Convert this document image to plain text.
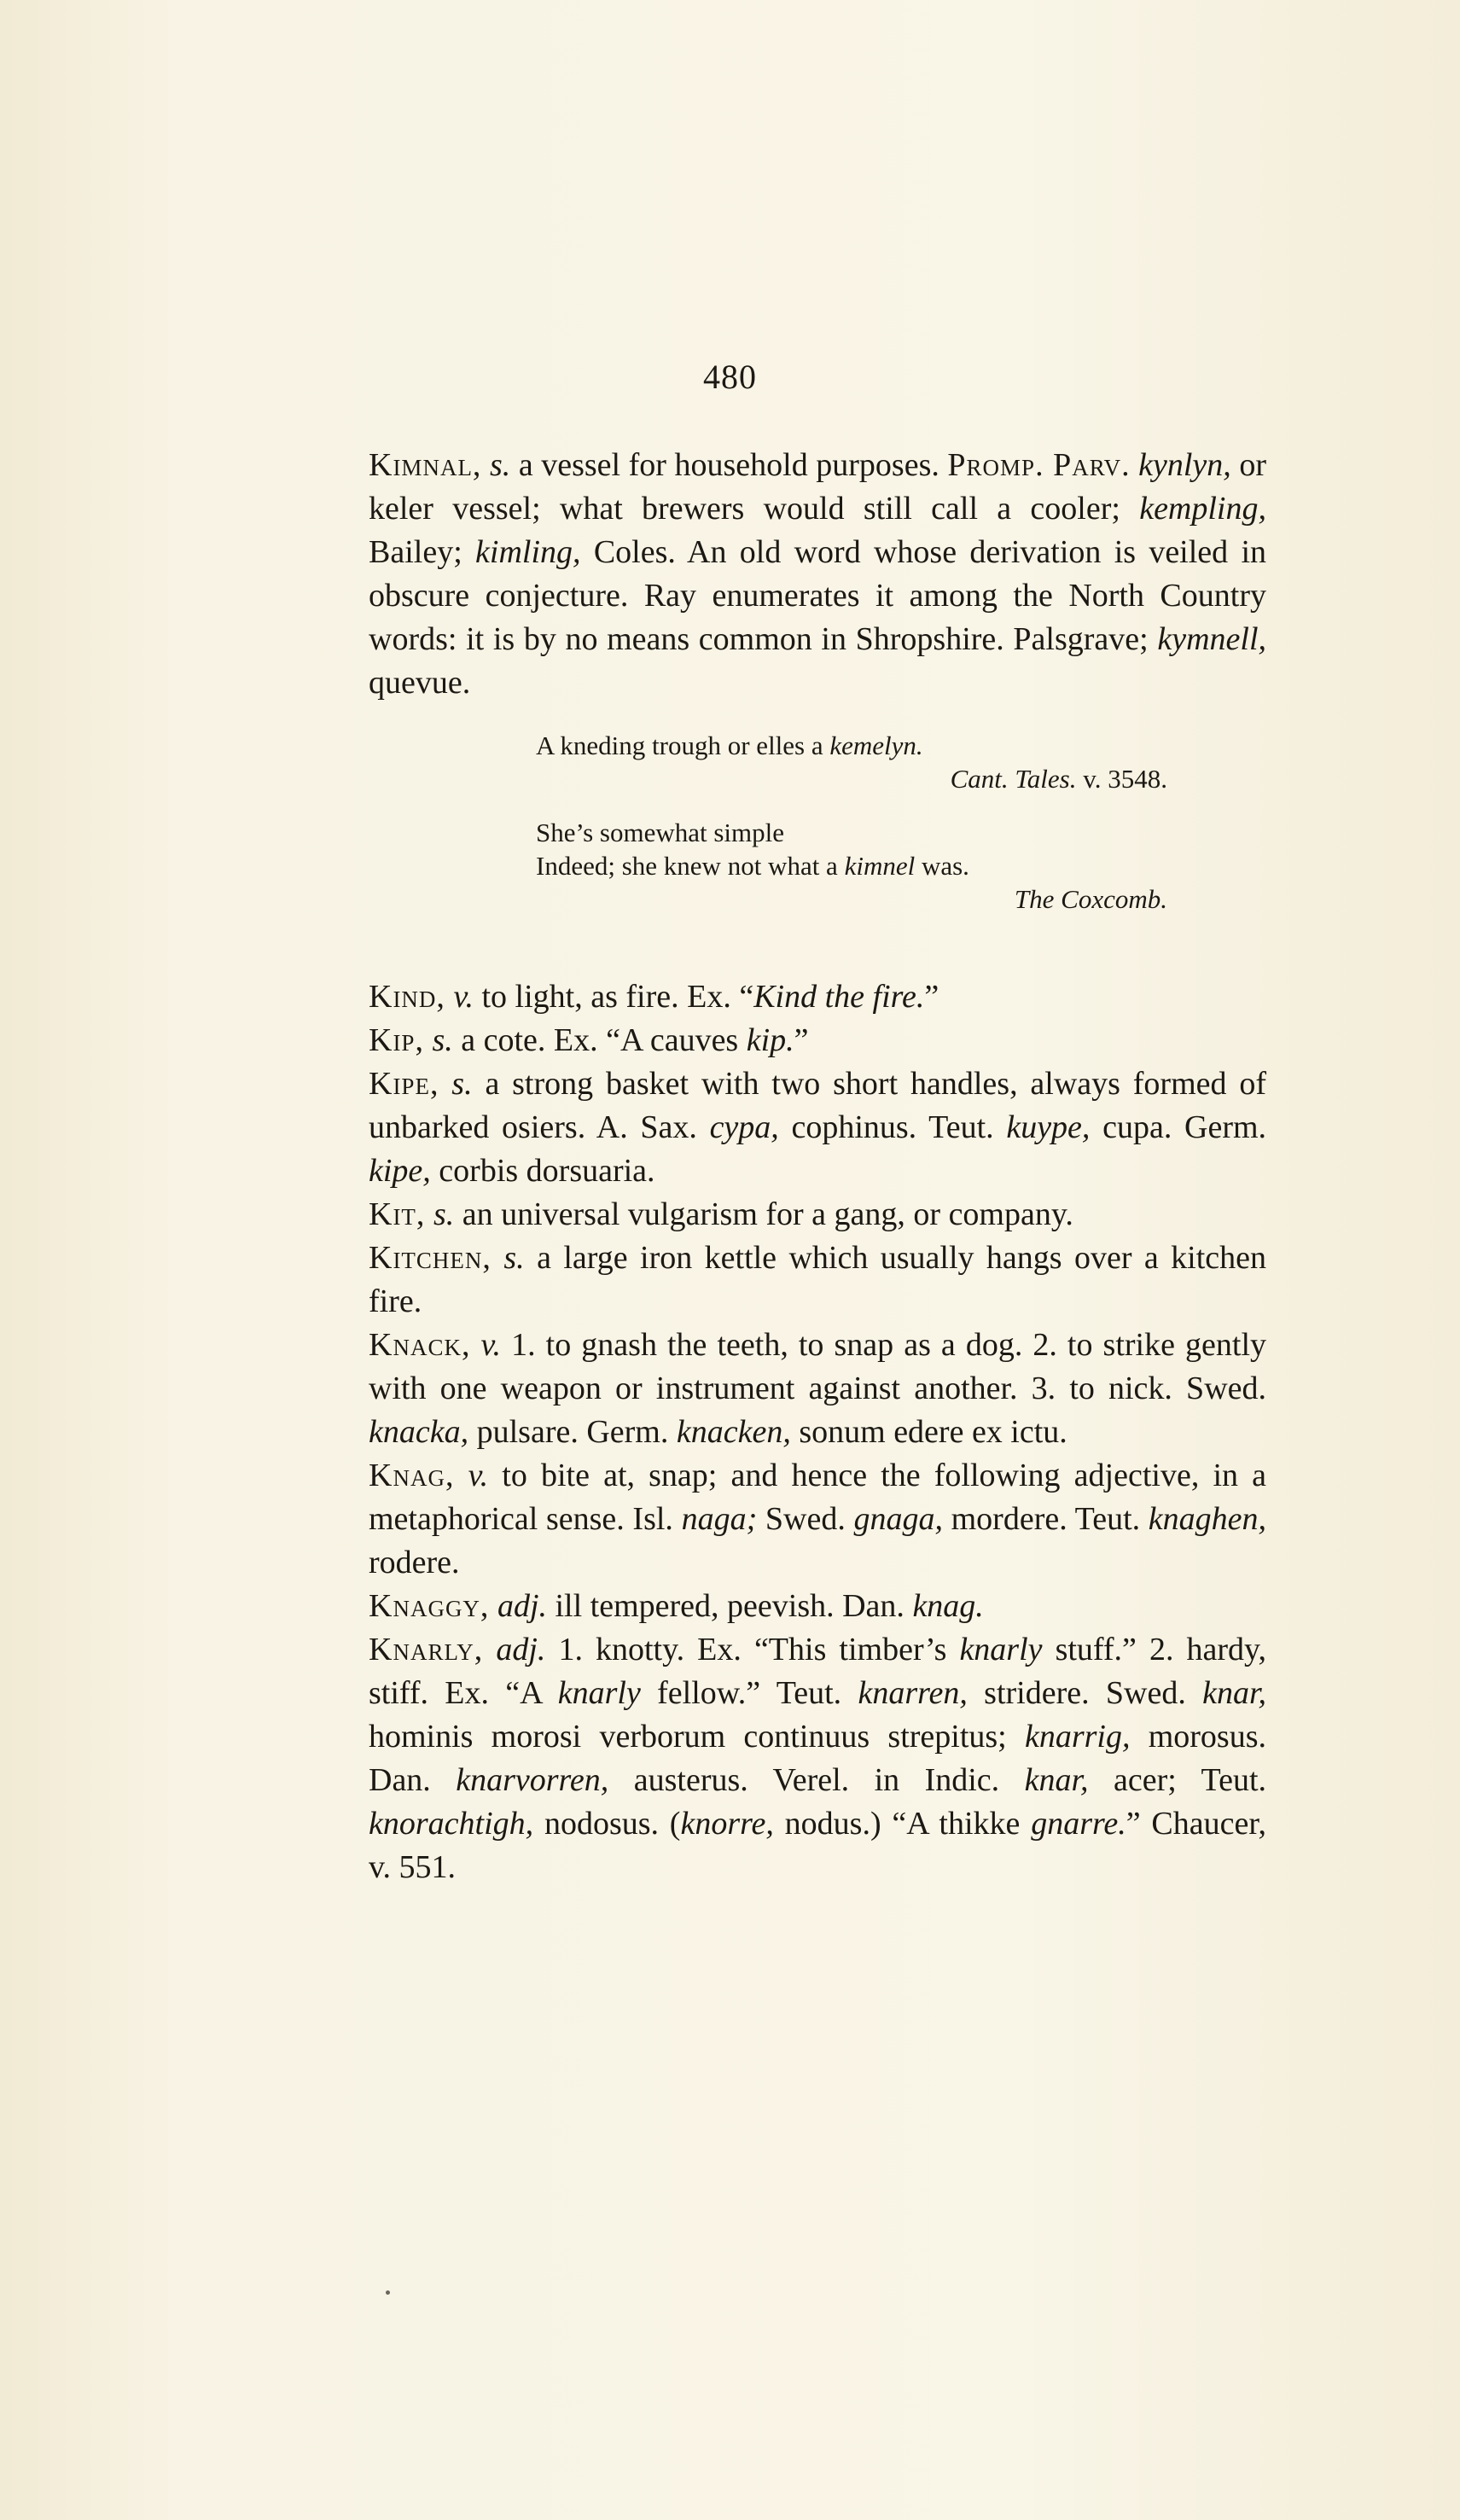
480

Kimnal, s. a vessel for household purposes. Promp. Parv. kynlyn, or keler vessel; what brewers would still call a cooler; kempling, Bailey; kimling, Coles. An old word whose derivation is veiled in obscure conjecture. Ray enumerates it among the North Country words: it is by no means common in Shropshire. Palsgrave; kymnell, quevue.

A kneding trough or elles a kemelyn.
Cant. Tales. v. 3548.
She’s somewhat simple
Indeed; she knew not what a kimnel was.
The Coxcomb.

Kind, v. to light, as fire. Ex. “Kind the fire.”

Kip, s. a cote. Ex. “A cauves kip.”

Kipe, s. a strong basket with two short handles, always formed of unbarked osiers. A. Sax. cypa, cophinus. Teut. kuype, cupa. Germ. kipe, corbis dorsuaria.

Kit, s. an universal vulgarism for a gang, or company.

Kitchen, s. a large iron kettle which usually hangs over a kitchen fire.

Knack, v. 1. to gnash the teeth, to snap as a dog. 2. to strike gently with one weapon or instrument against another. 3. to nick. Swed. knacka, pulsare. Germ. knacken, sonum edere ex ictu.

Knag, v. to bite at, snap; and hence the following adjective, in a metaphorical sense. Isl. naga; Swed. gnaga, mordere. Teut. knaghen, rodere.

Knaggy, adj. ill tempered, peevish. Dan. knag.

Knarly, adj. 1. knotty. Ex. “This timber’s knarly stuff.” 2. hardy, stiff. Ex. “A knarly fellow.” Teut. knarren, stridere. Swed. knar, hominis morosi verborum continuus strepitus; knarrig, morosus. Dan. knarvorren, austerus. Verel. in Indic. knar, acer; Teut. knorachtigh, nodosus. (knorre, nodus.) “A thikke gnarre.” Chaucer, v. 551.
